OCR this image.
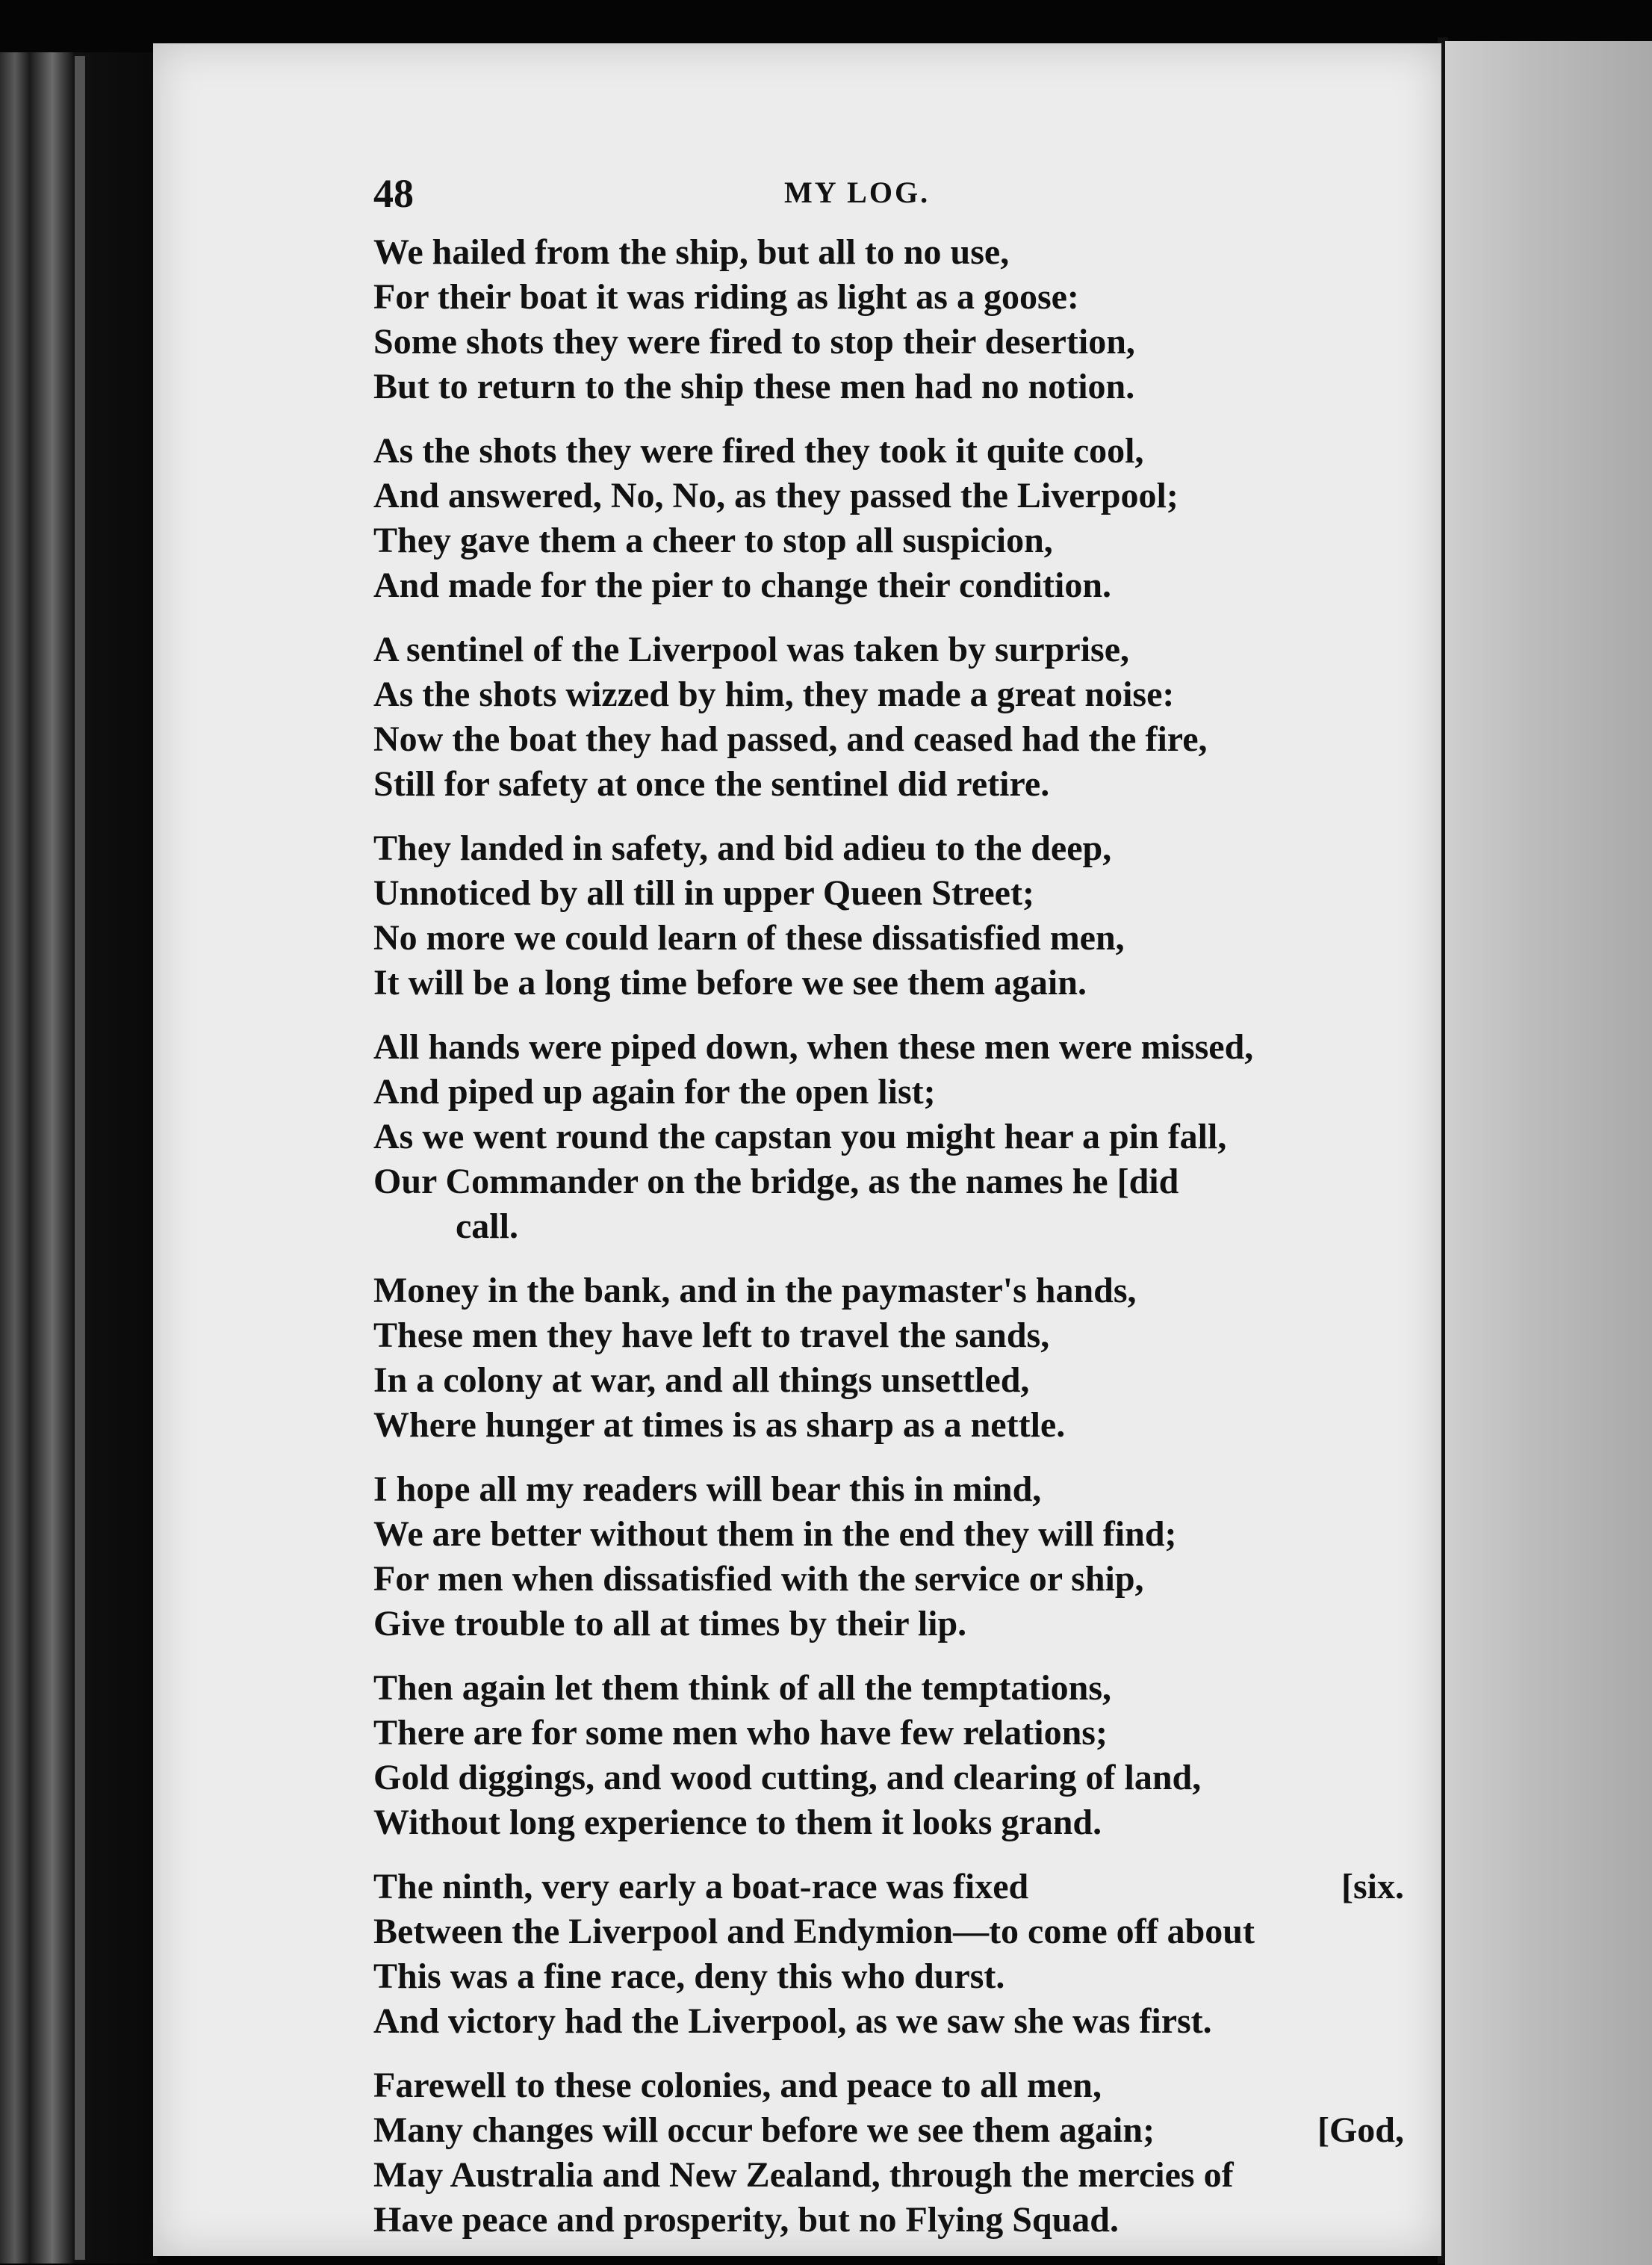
48	MY LOG.
We hailed from the ship, but all to no use,
For their boat it was riding as light as a goose:
Some shots they were fired to stop their desertion,
But to return to the ship these men had no notion.
As the shots they were fired they took it quite cool,
And answered, No, No, as they passed the Liverpool;
They gave them a cheer to stop all suspicion,
And made for the pier to change their condition.
A sentinel of the Liverpool was taken by surprise,
As the shots wizzed by him, they made a great noise:
Now the boat they had passed, and ceased had the fire,
Still for safety at once the sentinel did retire.
They landed in safety, and bid adieu to the deep,
Unnoticed by all till in upper Queen Street;
No more we could learn of these dissatisfied men,
It will be a long time before we see them again.
All hands were piped down, when these men were missed,
And piped up again for the open list;
As we went round the capstan you might hear a pin fall,
Our Commander on the bridge, as the names he [did
call.
Money in the bank, and in the paymaster's hands,
These men they have left to travel the sands,
In a colony at war, and all things unsettled,
Where hunger at times is as sharp as a nettle.
I hope all my readers will bear this in mind,
We are better without them in the end they will find;
For men when dissatisfied with the service or ship,
Give trouble to all at times by their lip.
Then again let them think of all the temptations,
There are for some men who have few relations;
Gold diggings, and wood cutting, and clearing of land,
Without long experience to them it looks grand.
The ninth, very early a boat-race was fixed	[six.
Between the Liverpool and Endymion—to come off about
This was a fine race, deny this who durst.
And victory had the Liverpool, as we saw she was first.
Farewell to these colonies, and peace to all men,
Many changes will occur before we see them again;	[God,
May Australia and New Zealand, through the mercies of
Have peace and prosperity, but no Flying Squad.
